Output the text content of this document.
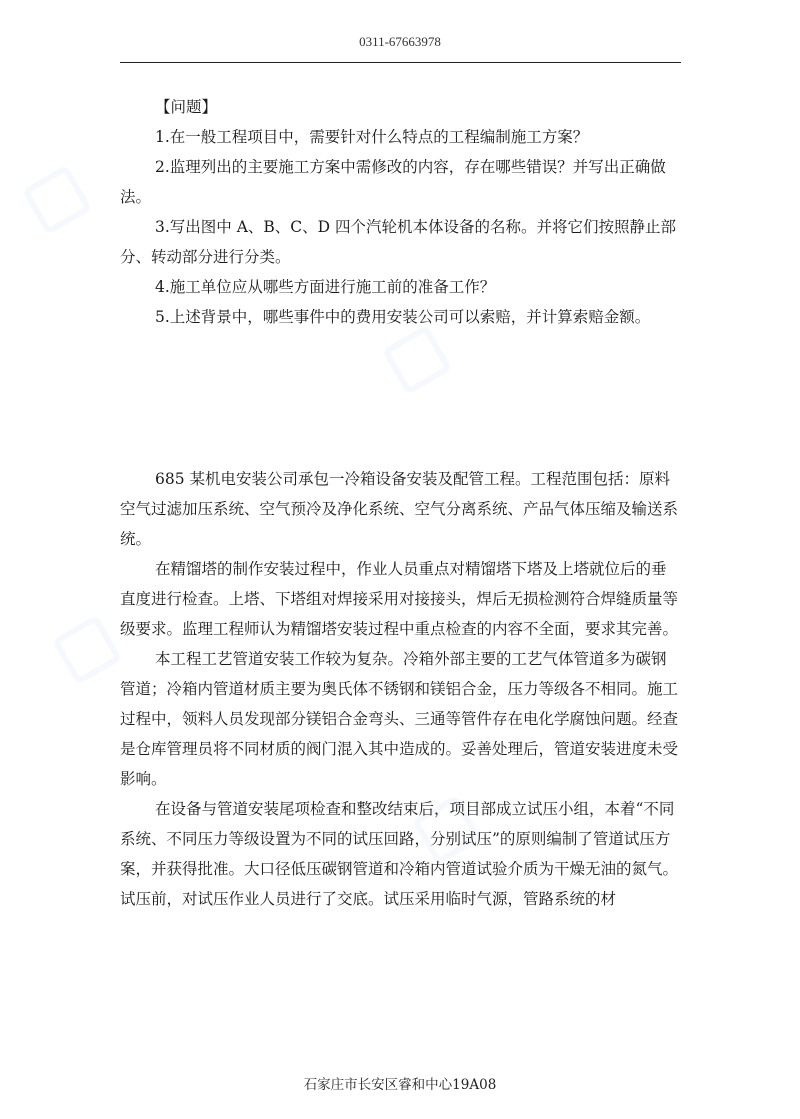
0311-67663978

【问题】

1.在一般工程项目中，需要针对什么特点的工程编制施工方案？

2.监理列出的主要施工方案中需修改的内容，存在哪些错误？并写出正确做法。

3.写出图中 A、B、C、D 四个汽轮机本体设备的名称。并将它们按照静止部分、转动部分进行分类。

4.施工单位应从哪些方面进行施工前的准备工作？

5.上述背景中，哪些事件中的费用安装公司可以索赔，并计算索赔金额。

685 某机电安装公司承包一冷箱设备安装及配管工程。工程范围包括：原料空气过滤加压系统、空气预冷及净化系统、空气分离系统、产品气体压缩及输送系统。

在精馏塔的制作安装过程中，作业人员重点对精馏塔下塔及上塔就位后的垂直度进行检查。上塔、下塔组对焊接采用对接接头，焊后无损检测符合焊缝质量等级要求。监理工程师认为精馏塔安装过程中重点检查的内容不全面，要求其完善。

本工程工艺管道安装工作较为复杂。冷箱外部主要的工艺气体管道多为碳钢管道；冷箱内管道材质主要为奥氏体不锈钢和镁铝合金，压力等级各不相同。施工过程中，领料人员发现部分镁铝合金弯头、三通等管件存在电化学腐蚀问题。经查是仓库管理员将不同材质的阀门混入其中造成的。妥善处理后，管道安装进度未受影响。

在设备与管道安装尾项检查和整改结束后，项目部成立试压小组，本着“不同系统、不同压力等级设置为不同的试压回路，分别试压”的原则编制了管道试压方案，并获得批准。大口径低压碳钢管道和冷箱内管道试验介质为干燥无油的氮气。试压前，对试压作业人员进行了交底。试压采用临时气源，管路系统的材

石家庄市长安区睿和中心19A08
